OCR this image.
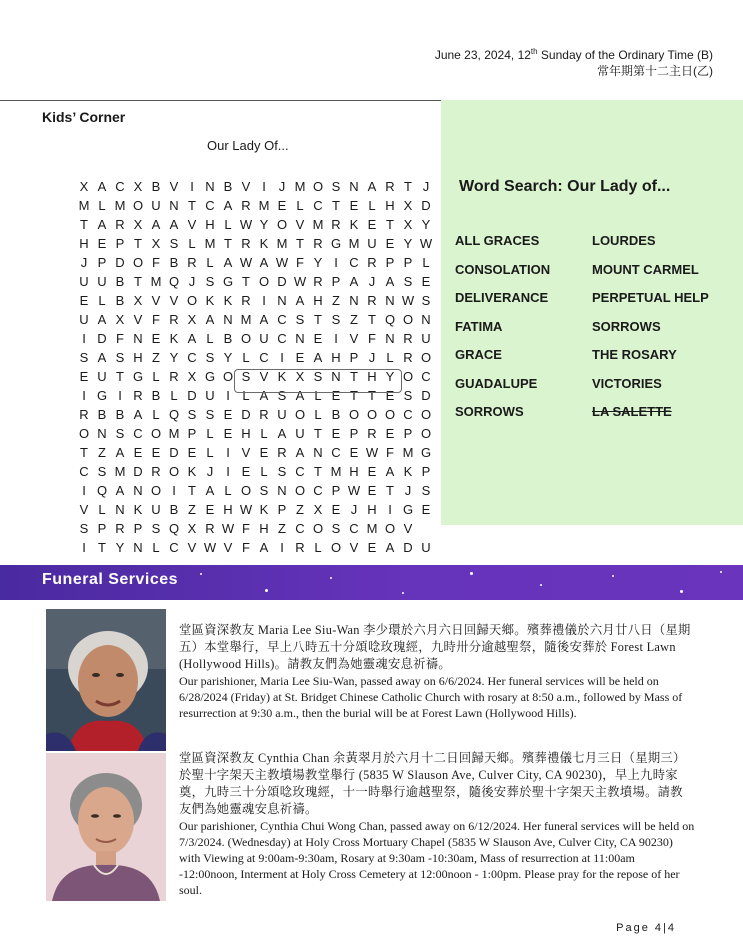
June 23, 2024, 12th Sunday of the Ordinary Time (B)
常年期第十二主日(乙)
Kids’ Corner
Our Lady Of...
X A C X B V I N B V I J M O S N A R T J
M L M O U N T C A R M E L C T E L H X D
T A R X A A V H L W Y O V M R K E T X Y
H E P T X S L M T R K M T R G M U E Y W
J P D O F B R L A W A W F Y I C R P P L
U U B T M Q J S G T O D W R P A J A S E
E L B X V V O K K R I N A H Z N R N W S
U A X V F R X A N M A C S T S Z T Q O N
I D F N E K A L B O U C N E I V F N R U
S A S H Z Y C S Y L C I E A H P J L R O
E U T G L R X G O S V K X S N T H Y O C
I G I R B L D U I L A S A L E T T E S D
R B B A L Q S S E D R U O L B O O O C O
O N S C O M P L E H L A U T E P R E P O
T Z A E E D E L I V E R A N C E W F M G
C S M D R O K J I E L S C T M H E A K P
I Q A N O I T A L O S N O C P W E T J S
V L N K U B Z E H W K P Z X E J H I G E
S P R P S Q X R W F H Z C O S C M O V
I T Y N L C V W V F A I R L O V E A D U
Word Search: Our Lady of...
ALL GRACES
CONSOLATION
DELIVERANCE
FATIMA
GRACE
GUADALUPE
SORROWS
LOURDES
MOUNT CARMEL
PERPETUAL HELP
SORROWS
THE ROSARY
VICTORIES
LA SALETTE
Funeral Services

堂區資深教友 Maria Lee Siu-Wan 李少環於六月六日回歸天鄉。殯葬禮儀於六月廿八日（星期五）本堂舉行，早上八時五十分頌唸玫瑰經，九時卅分逾越聖祭，隨後安葬於 Forest Lawn (Hollywood Hills)。請教友們為她靈魂安息祈禱。

Our parishioner, Maria Lee Siu-Wan, passed away on 6/6/2024. Her funeral services will be held on 6/28/2024 (Friday) at St. Bridget Chinese Catholic Church with rosary at 8:50 a.m., followed by Mass of resurrection at 9:30 a.m., then the burial will be at Forest Lawn (Hollywood Hills).

堂區資深教友 Cynthia Chan 余黃翠月於六月十二日回歸天鄉。殯葬禮儀七月三日（星期三）於聖十字架天主教墳場教堂舉行 (5835 W Slauson Ave, Culver City, CA 90230)，早上九時家奠，九時三十分頌唸玫瑰經，十一時舉行逾越聖祭，隨後安葬於聖十字架天主教墳場。請教友們為她靈魂安息祈禱。

Our parishioner, Cynthia Chui Wong Chan, passed away on 6/12/2024. Her funeral services will be held on 7/3/2024. (Wednesday) at Holy Cross Mortuary Chapel (5835 W Slauson Ave, Culver City, CA 90230) with Viewing at 9:00am-9:30am, Rosary at 9:30am -10:30am, Mass of resurrection at 11:00am -12:00noon, Interment at Holy Cross Cemetery at 12:00noon - 1:00pm. Please pray for the repose of her soul.

Page 4|4
